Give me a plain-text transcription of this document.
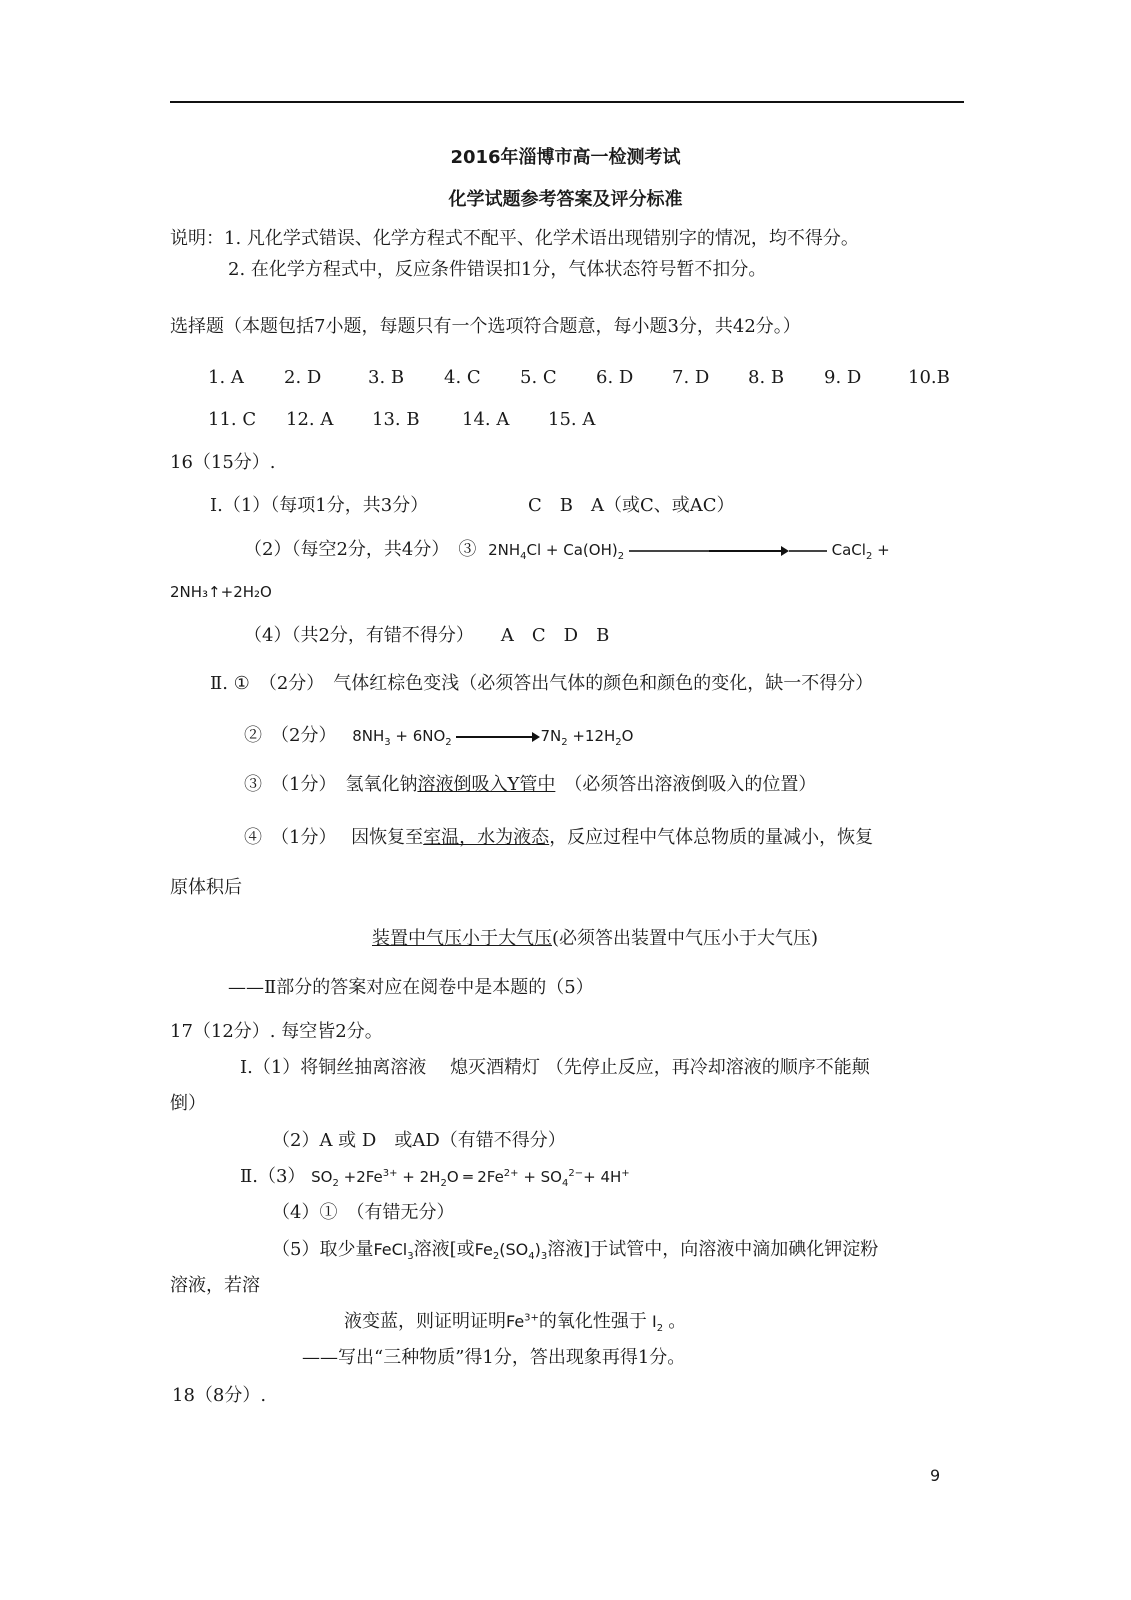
2016年淄博市高一检测考试
化学试题参考答案及评分标准
说明：1. 凡化学式错误、化学方程式不配平、化学术语出现错别字的情况，均不得分。
2. 在化学方程式中，反应条件错误扣1分，气体状态符号暂不扣分。
选择题（本题包括7小题，每题只有一个选项符合题意，每小题3分，共42分。）
1. A 2. D	3. B 4. C 5. C 6. D 7. D 8. B 9. D	10.B
11. C 12. A 13. B 14. A 15. A
16（15分）.
Ⅰ.（1）（每项1分，共3分）	C　B　A（或C、或AC）
（2）（每空2分，共4分）　③ $2NH_4Cl + Ca(OH)_2$	CaCl$_2$ +
2NH₃↑+2H₂O
（4）（共2分，有错不得分）　　A　C　D　B
Ⅱ. ①　（2分）　气体红棕色变浅（必须答出气体的颜色和颜色的变化，缺一不得分）
②　（2分） $8NH_3 + 6NO_2$	$7N_2 +12H_2O$
③　（1分）　氢氧化钠溶液倒吸入Y管中　（必须答出溶液倒吸入的位置）
④　（1分）　 因恢复至室温，水为液态，反应过程中气体总物质的量减小，恢复
原体积后
装置中气压小于大气压(必须答出装置中气压小于大气压)
——Ⅱ部分的答案对应在阅卷中是本题的（5）
17（12分）. 每空皆2分。
Ⅰ.（1）将铜丝抽离溶液　 熄灭酒精灯 （先停止反应，再冷却溶液的顺序不能颠
倒）
（2）A 或 D　或AD（有错不得分）
Ⅱ.（3） $SO_2 +2Fe^{3+} + 2H_2O$ ═ $2Fe^{2+} + SO_4^{2-}+ 4H^+$
（4）①　（有错无分）
（5）取少量FeCl$_3$溶液[或$Fe_2(SO_4)_3$溶液]于试管中，向溶液中滴加碘化钾淀粉
溶液，若溶
液变蓝，则证明证明$Fe^{3+}$的氧化性强于 $I_2$ 。
——写出“三种物质”得1分，答出现象再得1分。
18（8分）.
9
